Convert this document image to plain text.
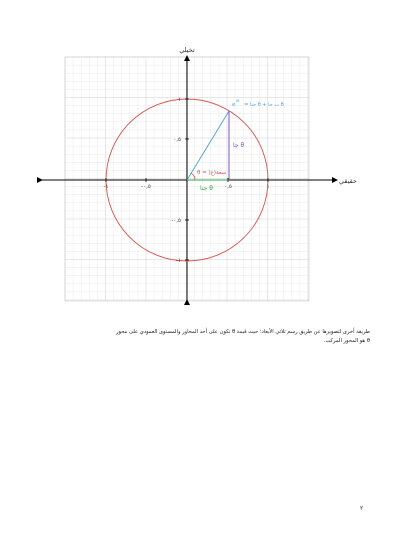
تخيلي
حقيقي
-١	-٠,٥	٠,٥	١
١
٠,٥
-٠,٥
-١
e
iθ
= جتا θ + ت جا θ
جا θ
θ = سعة(ع)
جتا θ
طريقة أخرى لتصويرها عن طريق رسم ثلاثي الأبعاد؛ حيث قيمة θ تكون على أحد المحاور والمستوى العمودي على محور
θ هو المحور المركب.
٢
